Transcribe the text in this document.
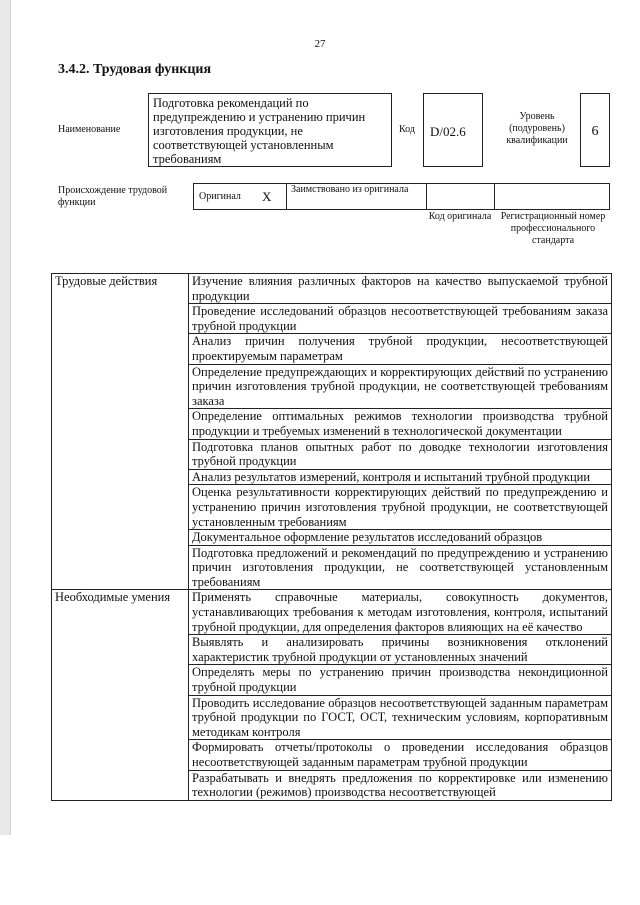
27
3.4.2. Трудовая функция
Наименование
Подготовка рекомендаций по предупреждению и устранению причин изготовления продукции, не соответствующей установленным требованиям
Код	D/02.6
Уровень (подуровень) квалификации
6
Происхождение трудовой функции
Оригинал X Заимствовано из оригинала
Код оригинала Регистрационный номер профессионального стандарта
Трудовые действия	Изучение влияния различных факторов на качество выпускаемой трубной продукции
	Проведение исследований образцов несоответствующей требованиям заказа трубной продукции
	Анализ причин получения трубной продукции, несоответствующей проектируемым параметрам
	Определение предупреждающих и корректирующих действий по устранению причин изготовления трубной продукции, не соответствующей требованиям заказа
	Определение оптимальных режимов технологии производства трубной продукции и требуемых изменений в технологической документации
	Подготовка планов опытных работ по доводке технологии изготовления трубной продукции
	Анализ результатов измерений, контроля и испытаний трубной продукции
	Оценка результативности корректирующих действий по предупреждению и устранению причин изготовления трубной продукции, не соответствующей установленным требованиям
	Документальное оформление результатов исследований образцов
	Подготовка предложений и рекомендаций по предупреждению и устранению причин изготовления продукции, не соответствующей установленным требованиям
Необходимые умения	Применять справочные материалы, совокупность документов, устанавливающих требования к методам изготовления, контроля, испытаний трубной продукции, для определения факторов влияющих на её качество
	Выявлять и анализировать причины возникновения отклонений характеристик трубной продукции от установленных значений
	Определять меры по устранению причин производства некондиционной трубной продукции
	Проводить исследование образцов несоответствующей заданным параметрам трубной продукции по ГОСТ, ОСТ, техническим условиям, корпоративным методикам контроля
	Формировать отчеты/протоколы о проведении исследования образцов несоответствующей заданным параметрам трубной продукции
	Разрабатывать и внедрять предложения по корректировке или изменению технологии (режимов) производства несоответствующей
